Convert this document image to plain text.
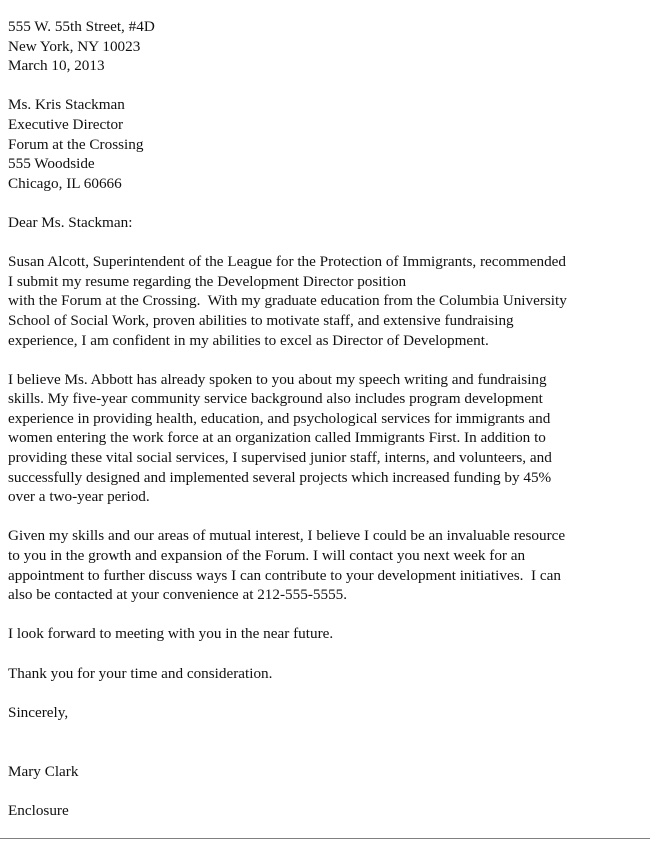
555 W. 55th Street, #4D
New York, NY 10023
March 10, 2013
Ms. Kris Stackman
Executive Director
Forum at the Crossing
555 Woodside
Chicago, IL 60666
Dear Ms. Stackman:
Susan Alcott, Superintendent of the League for the Protection of Immigrants, recommended
I submit my resume regarding the Development Director position
with the Forum at the Crossing.  With my graduate education from the Columbia University
School of Social Work, proven abilities to motivate staff, and extensive fundraising
experience, I am confident in my abilities to excel as Director of Development.
I believe Ms. Abbott has already spoken to you about my speech writing and fundraising
skills. My five-year community service background also includes program development
experience in providing health, education, and psychological services for immigrants and
women entering the work force at an organization called Immigrants First. In addition to
providing these vital social services, I supervised junior staff, interns, and volunteers, and
successfully designed and implemented several projects which increased funding by 45%
over a two-year period.
Given my skills and our areas of mutual interest, I believe I could be an invaluable resource
to you in the growth and expansion of the Forum. I will contact you next week for an
appointment to further discuss ways I can contribute to your development initiatives.  I can
also be contacted at your convenience at 212-555-5555.
I look forward to meeting with you in the near future.
Thank you for your time and consideration.
Sincerely,
Mary Clark
Enclosure
